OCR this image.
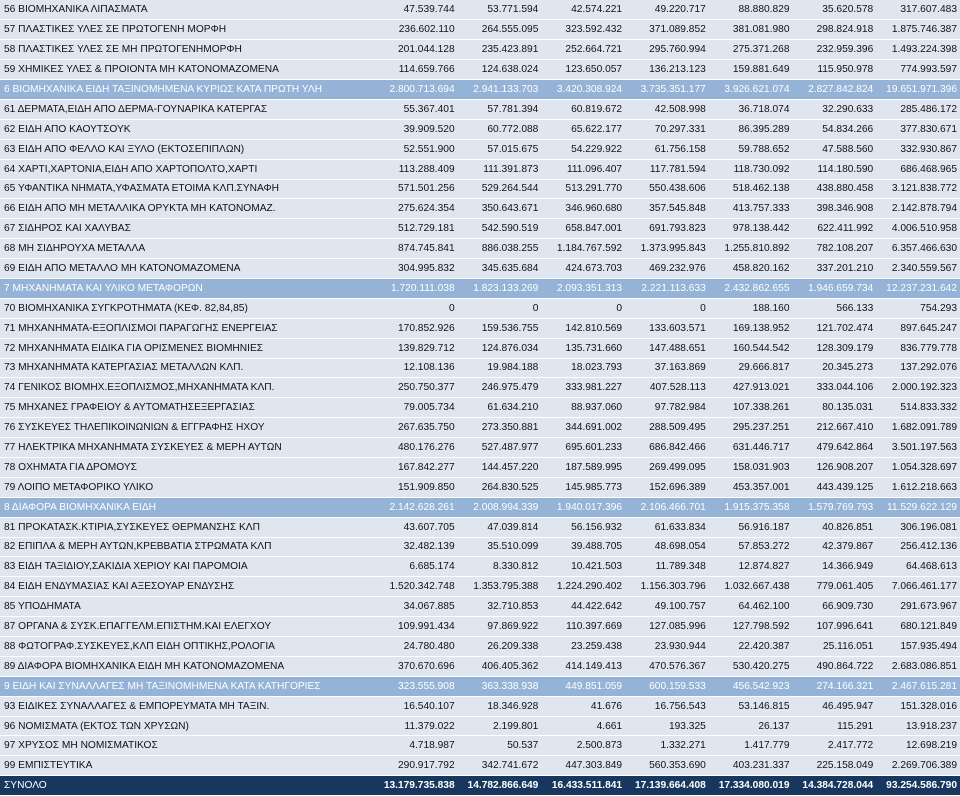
56 ΒΙΟΜΗΧΑΝΙΚΑ ΛΙΠΑΣΜΑΤΑ	47.539.744	53.771.594	42.574.221	49.220.717	88.880.829	35.620.578	317.607.483
57 ΠΛΑΣΤΙΚΕΣ ΥΛΕΣ ΣΕ ΠΡΩΤΟΓΕΝΗ ΜΟΡΦΗ	236.602.110	264.555.095	323.592.432	371.089.852	381.081.980	298.824.918	1.875.746.387
58 ΠΛΑΣΤΙΚΕΣ ΥΛΕΣ ΣΕ ΜΗ ΠΡΩΤΟΓΕΝΗΜΟΡΦΗ	201.044.128	235.423.891	252.664.721	295.760.994	275.371.268	232.959.396	1.493.224.398
59 ΧΗΜΙΚΕΣ ΥΛΕΣ & ΠΡΟΙΟΝΤΑ ΜΗ ΚΑΤΟΝΟΜΑΖΟΜΕΝΑ	114.659.766	124.638.024	123.650.057	136.213.123	159.881.649	115.950.978	774.993.597
6 ΒΙΟΜΗΧΑΝΙΚΑ ΕΙΔΗ ΤΑΞΙΝΟΜΗΜΕΝΑ ΚΥΡΙΩΣ ΚΑΤΑ ΠΡΩΤΗ ΥΛΗ	2.800.713.694	2.941.133.703	3.420.308.924	3.735.351.177	3.926.621.074	2.827.842.824	19.651.971.396
61 ΔΕΡΜΑΤΑ,ΕΙΔΗ ΑΠΟ ΔΕΡΜΑ-ΓΟΥΝΑΡΙΚΑ ΚΑΤΕΡΓΑΣ	55.367.401	57.781.394	60.819.672	42.508.998	36.718.074	32.290.633	285.486.172
62 ΕΙΔΗ ΑΠΟ ΚΑΟΥΤΣΟΥΚ	39.909.520	60.772.088	65.622.177	70.297.331	86.395.289	54.834.266	377.830.671
63 ΕΙΔΗ ΑΠΟ ΦΕΛΛΟ ΚΑΙ ΞΥΛΟ (ΕΚΤΟΣΕΠΙΠΛΩΝ)	52.551.900	57.015.675	54.229.922	61.756.158	59.788.652	47.588.560	332.930.867
64 ΧΑΡΤΙ,ΧΑΡΤΟΝΙΑ,ΕΙΔΗ ΑΠΟ ΧΑΡΤΟΠΟΛΤΟ,ΧΑΡΤΙ	113.288.409	111.391.873	111.096.407	117.781.594	118.730.092	114.180.590	686.468.965
65 ΥΦΑΝΤΙΚΑ ΝΗΜΑΤΑ,ΥΦΑΣΜΑΤΑ ΕΤΟΙΜΑ ΚΛΠ.ΣΥΝΑΦΗ	571.501.256	529.264.544	513.291.770	550.438.606	518.462.138	438.880.458	3.121.838.772
66 ΕΙΔΗ ΑΠΟ ΜΗ ΜΕΤΑΛΛΙΚΑ ΟΡΥΚΤΑ ΜΗ ΚΑΤΟΝΟΜΑΖ.	275.624.354	350.643.671	346.960.680	357.545.848	413.757.333	398.346.908	2.142.878.794
67 ΣΙΔΗΡΟΣ ΚΑΙ ΧΑΛΥΒΑΣ	512.729.181	542.590.519	658.847.001	691.793.823	978.138.442	622.411.992	4.006.510.958
68 ΜΗ ΣΙΔΗΡΟΥΧΑ ΜΕΤΑΛΛΑ	874.745.841	886.038.255	1.184.767.592	1.373.995.843	1.255.810.892	782.108.207	6.357.466.630
69 ΕΙΔΗ ΑΠΟ ΜΕΤΑΛΛΟ ΜΗ ΚΑΤΟΝΟΜΑΖΟΜΕΝΑ	304.995.832	345.635.684	424.673.703	469.232.976	458.820.162	337.201.210	2.340.559.567
7 ΜΗΧΑΝΗΜΑΤΑ ΚΑΙ ΥΛΙΚΟ ΜΕΤΑΦΟΡΩΝ	1.720.111.038	1.823.133.269	2.093.351.313	2.221.113.633	2.432.862.655	1.946.659.734	12.237.231.642
70 ΒΙΟΜΗΧΑΝΙΚΑ ΣΥΓΚΡΟΤΗΜΑΤΑ (ΚΕΦ. 82,84,85)	0	0	0	0	188.160	566.133	754.293
71 ΜΗΧΑΝΗΜΑΤΑ-ΕΞΟΠΛΙΣΜΟΙ ΠΑΡΑΓΩΓΗΣ ΕΝΕΡΓΕΙΑΣ	170.852.926	159.536.755	142.810.569	133.603.571	169.138.952	121.702.474	897.645.247
72 ΜΗΧΑΝΗΜΑΤΑ ΕΙΔΙΚΑ ΓΙΑ ΟΡΙΣΜΕΝΕΣ ΒΙΟΜΗΝΙΕΣ	139.829.712	124.876.034	135.731.660	147.488.651	160.544.542	128.309.179	836.779.778
73 ΜΗΧΑΝΗΜΑΤΑ ΚΑΤΕΡΓΑΣΙΑΣ ΜΕΤΑΛΛΩΝ ΚΛΠ.	12.108.136	19.984.188	18.023.793	37.163.869	29.666.817	20.345.273	137.292.076
74 ΓΕΝΙΚΟΣ ΒΙΟΜΗΧ.ΕΞΟΠΛΙΣΜΟΣ,ΜΗΧΑΝΗΜΑΤΑ ΚΛΠ.	250.750.377	246.975.479	333.981.227	407.528.113	427.913.021	333.044.106	2.000.192.323
75 ΜΗΧΑΝΕΣ ΓΡΑΦΕΙΟΥ & ΑΥΤΟΜΑΤΗΣΕΞΕΡΓΑΣΙΑΣ	79.005.734	61.634.210	88.937.060	97.782.984	107.338.261	80.135.031	514.833.332
76 ΣΥΣΚΕΥΕΣ ΤΗΛΕΠΙΚΟΙΝΩΝΙΩΝ & ΕΓΓΡΑΦΗΣ ΗΧΟΥ	267.635.750	273.350.881	344.691.002	288.509.495	295.237.251	212.667.410	1.682.091.789
77 ΗΛΕΚΤΡΙΚΑ ΜΗΧΑΝΗΜΑΤΑ ΣΥΣΚΕΥΕΣ & ΜΕΡΗ ΑΥΤΩΝ	480.176.276	527.487.977	695.601.233	686.842.466	631.446.717	479.642.864	3.501.197.563
78 ΟΧΗΜΑΤΑ ΓΙΑ ΔΡΟΜΟΥΣ	167.842.277	144.457.220	187.589.995	269.499.095	158.031.903	126.908.207	1.054.328.697
79 ΛΟΙΠΟ ΜΕΤΑΦΟΡΙΚΟ ΥΛΙΚΟ	151.909.850	264.830.525	145.985.773	152.696.389	453.357.001	443.439.125	1.612.218.663
8 ΔΙΑΦΟΡΑ ΒΙΟΜΗΧΑΝΙΚΑ ΕΙΔΗ	2.142.628.261	2.008.994.339	1.940.017.396	2.106.466.701	1.915.375.358	1.579.769.793	11.529.622.129
81 ΠΡΟΚΑΤΑΣΚ.ΚΤΙΡΙΑ,ΣΥΣΚΕΥΕΣ ΘΕΡΜΑΝΣΗΣ ΚΛΠ	43.607.705	47.039.814	56.156.932	61.633.834	56.916.187	40.826.851	306.196.081
82 ΕΠΙΠΛΑ & ΜΕΡΗ ΑΥΤΩΝ,ΚΡΕΒΒΑΤΙΑ ΣΤΡΩΜΑΤΑ ΚΛΠ	32.482.139	35.510.099	39.488.705	48.698.054	57.853.272	42.379.867	256.412.136
83 ΕΙΔΗ ΤΑΞΙΔΙΟΥ,ΣΑΚΙΔΙΑ ΧΕΡΙΟΥ ΚΑΙ ΠΑΡΟΜΟΙΑ	6.685.174	8.330.812	10.421.503	11.789.348	12.874.827	14.366.949	64.468.613
84 ΕΙΔΗ ΕΝΔΥΜΑΣΙΑΣ ΚΑΙ ΑΞΕΣΟΥΑΡ ΕΝΔΥΣΗΣ	1.520.342.748	1.353.795.388	1.224.290.402	1.156.303.796	1.032.667.438	779.061.405	7.066.461.177
85 ΥΠΟΔΗΜΑΤΑ	34.067.885	32.710.853	44.422.642	49.100.757	64.462.100	66.909.730	291.673.967
87 ΟΡΓΑΝΑ & ΣΥΣΚ.ΕΠΑΓΓΕΛΜ.ΕΠΙΣΤΗΜ.ΚΑΙ ΕΛΕΓΧΟΥ	109.991.434	97.869.922	110.397.669	127.085.996	127.798.592	107.996.641	680.121.849
88 ΦΩΤΟΓΡΑΦ.ΣΥΣΚΕΥΕΣ,ΚΛΠ ΕΙΔΗ ΟΠΤΙΚΗΣ,ΡΟΛΟΓΙΑ	24.780.480	26.209.338	23.259.438	23.930.944	22.420.387	25.116.051	157.935.494
89 ΔΙΑΦΟΡΑ ΒΙΟΜΗΧΑΝΙΚΑ ΕΙΔΗ ΜΗ ΚΑΤΟΝΟΜΑΖΟΜΕΝΑ	370.670.696	406.405.362	414.149.413	470.576.367	530.420.275	490.864.722	2.683.086.851
9 ΕΙΔΗ ΚΑΙ ΣΥΝΑΛΛΑΓΕΣ ΜΗ ΤΑΞΙΝΟΜΗΜΕΝΑ ΚΑΤΑ ΚΑΤΗΓΟΡΙΕΣ	323.555.908	363.338.938	449.851.059	600.159.533	456.542.923	274.166.321	2.467.615.281
93 ΕΙΔΙΚΕΣ ΣΥΝΑΛΛΑΓΕΣ & ΕΜΠΟΡΕΥΜΑΤΑ ΜΗ ΤΑΞΙΝ.	16.540.107	18.346.928	41.676	16.756.543	53.146.815	46.495.947	151.328.016
96 ΝΟΜΙΣΜΑΤΑ (ΕΚΤΟΣ ΤΩΝ ΧΡΥΣΩΝ)	11.379.022	2.199.801	4.661	193.325	26.137	115.291	13.918.237
97 ΧΡΥΣΟΣ ΜΗ ΝΟΜΙΣΜΑΤΙΚΟΣ	4.718.987	50.537	2.500.873	1.332.271	1.417.779	2.417.772	12.698.219
99 ΕΜΠΙΣΤΕΥΤΙΚΑ	290.917.792	342.741.672	447.303.849	560.353.690	403.231.337	225.158.049	2.269.706.389
ΣΥΝΟΛΟ	13.179.735.838	14.782.866.649	16.433.511.841	17.139.664.408	17.334.080.019	14.384.728.044	93.254.586.790
